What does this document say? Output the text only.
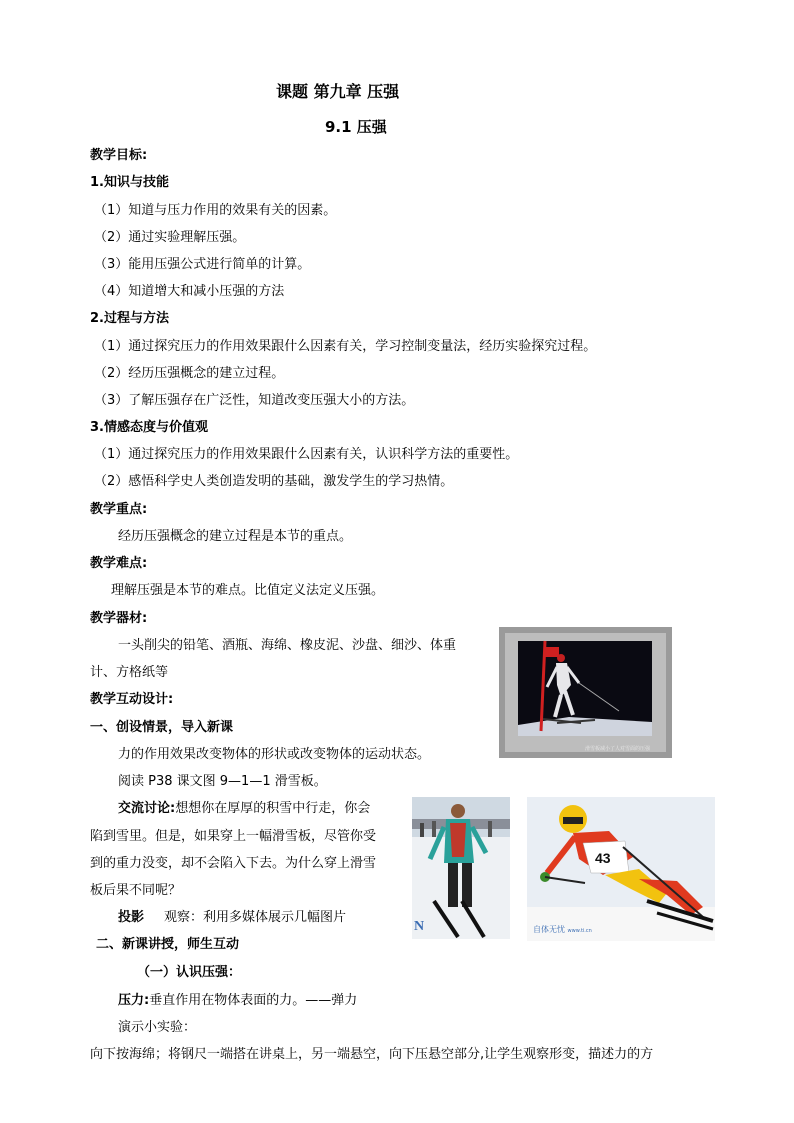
课题 第九章 压强
9.1 压强
教学目标:
1.知识与技能
（1）知道与压力作用的效果有关的因素。
（2）通过实验理解压强。
（3）能用压强公式进行简单的计算。
（4）知道增大和减小压强的方法
2.过程与方法
（1）通过探究压力的作用效果跟什么因素有关，学习控制变量法，经历实验探究过程。
（2）经历压强概念的建立过程。
（3）了解压强存在广泛性，知道改变压强大小的方法。
3.情感态度与价值观
（1）通过探究压力的作用效果跟什么因素有关，认识科学方法的重要性。
（2）感悟科学史人类创造发明的基础，激发学生的学习热情。
教学重点:
经历压强概念的建立过程是本节的重点。
教学难点:
理解压强是本节的难点。比值定义法定义压强。
教学器材:
一头削尖的铅笔、酒瓶、海绵、橡皮泥、沙盘、细沙、体重
计、方格纸等
教学互动设计:
一、创设情景，导入新课
力的作用效果改变物体的形状或改变物体的运动状态。
阅读 P38 课文图 9—1—1 滑雪板。
交流讨论:想想你在厚厚的积雪中行走，你会
陷到雪里。但是，如果穿上一幅滑雪板，尽管你受
到的重力没变，却不会陷入下去。为什么穿上滑雪
板后果不同呢？
投影 观察：利用多媒体展示几幅图片
二、新课讲授，师生互动
（一）认识压强：
压力:垂直作用在物体表面的力。——弹力
演示小实验：
向下按海绵；将钢尺一端搭在讲桌上，另一端悬空，向下压悬空部分,让学生观察形变，描述力的方
滑雪板减小了人对雪面的压强
N
43
自体无忧 www.ti.cn
